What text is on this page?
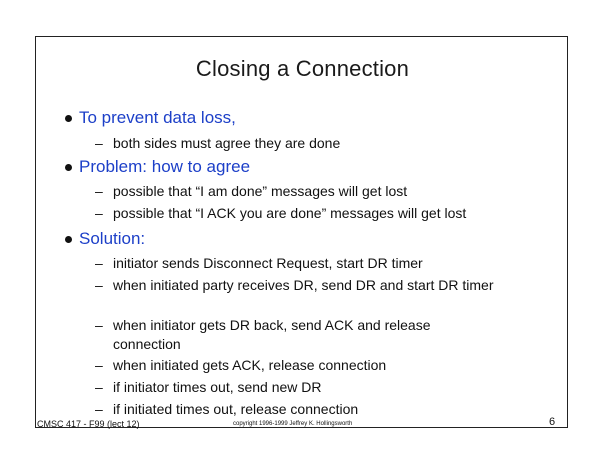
Closing a Connection
To prevent data loss,
– both sides must agree they are done
Problem: how to agree
– possible that “I am done” messages will get lost
– possible that “I ACK you are done” messages will get lost
Solution:
– initiator sends Disconnect Request, start DR timer
– when initiated party receives DR, send DR and start DR timer
– when initiator gets DR back, send ACK and release connection
– when initiated gets ACK, release connection
– if initiator times out, send new DR
– if initiated times out, release connection
CMSC 417 - F99 (lect 12)	copyright 1996-1999 Jeffrey K. Hollingsworth	6
